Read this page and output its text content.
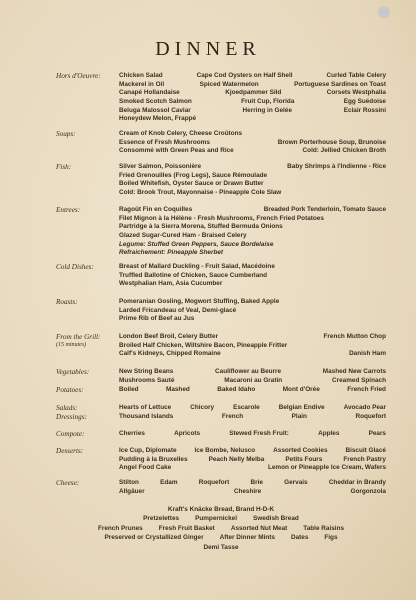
DINNER
Hors d'Oeuvre:	Chicken Salad	Cape Cod Oysters on Half Shell	Curled Table Celery
Mackerel in Oil	Spiced Watermelon	Portuguese Sardines on Toast
Canapé Hollandaise	Kjoedpammer Sild	Corsets Westphalia
Smoked Scotch Salmon	Fruit Cup, Florida	Egg Suédoise
Beluga Malossol Caviar	Herring in Gelée	Eclair Rossini
Honeydew Melon, Frappé
Soups:	Cream of Knob Celery, Cheese Croûtons
Essence of Fresh Mushrooms	Brown Porterhouse Soup, Brunoise
Consommé with Green Peas and Rice	Cold: Jellied Chicken Broth
Fish:	Silver Salmon, Poissonière	Baby Shrimps à l'Indienne - Rice
Fried Grenouilles (Frog Legs), Sauce Rémoulade
Boiled Whitefish, Oyster Sauce or Drawn Butter
Cold: Brook Trout, Mayonnaise - Pineapple Cole Slaw
Entrees:	Ragoût Fin en Coquilles	Breaded Pork Tenderloin, Tomato Sauce
Filet Mignon à la Hélène - Fresh Mushrooms, French Fried Potatoes
Partridge à la Sierra Morena, Stuffed Bermuda Onions
Glazed Sugar-Cured Ham - Braised Celery
Legume: Stuffed Green Peppers, Sauce Bordelaise
Refraichement: Pineapple Sherbet
Cold Dishes:	Breast of Mallard Duckling - Fruit Salad, Macédoine
Truffled Ballotine of Chicken, Sauce Cumberland
Westphalian Ham, Asia Cucumber
Roasts:	Pomeranian Gosling, Mogwort Stuffing, Baked Apple
Larded Fricandeau of Veal, Demi-glacé
Prime Rib of Beef au Jus
From the Grill:
(15 minutes)
London Beef Broil, Celery Butter	French Mutton Chop
Broiled Half Chicken, Wiltshire Bacon, Pineapple Fritter
Calf's Kidneys, Chipped Romaine	Danish Ham
Vegetables:	New String Beans	Cauliflower au Beurre	Mashed New Carrots
Mushrooms Sauté	Macaroni au Gratin	Creamed Spinach
Potatoes:	Boiled	Mashed	Baked Idaho	Mont d'Orée	French Fried
Salads:	Hearts of Lettuce	Chicory	Escarole	Belgian Endive	Avocado Pear
Dressings:	Thousand Islands	French	Plain	Roquefort
Compote:	Cherries	Apricots	Stewed Fresh Fruit:	Apples	Pears
Desserts:	Ice Cup, Diplomate	Ice Bombe, Nelusco	Assorted Cookies	Biscuit Glacé
Pudding à la Bruxelles	Peach Nelly Melba	Petits Fours	French Pastry
Angel Food Cake	Lemon or Pineapple Ice Cream, Wafers
Cheese:	Stilton	Edam	Roquefort	Brie	Gervais	Cheddar in Brandy
Allgäuer	Cheshire	Gorgonzola
Kraft's Knäcke Bread, Brand H-D-K
Pretzelettes	Pumpernickel	Swedish Bread
French Prunes	Fresh Fruit Basket	Assorted Nut Meat	Table Raisins
Preserved or Crystallized Ginger	After Dinner Mints	Dates	Figs
Demi Tasse
